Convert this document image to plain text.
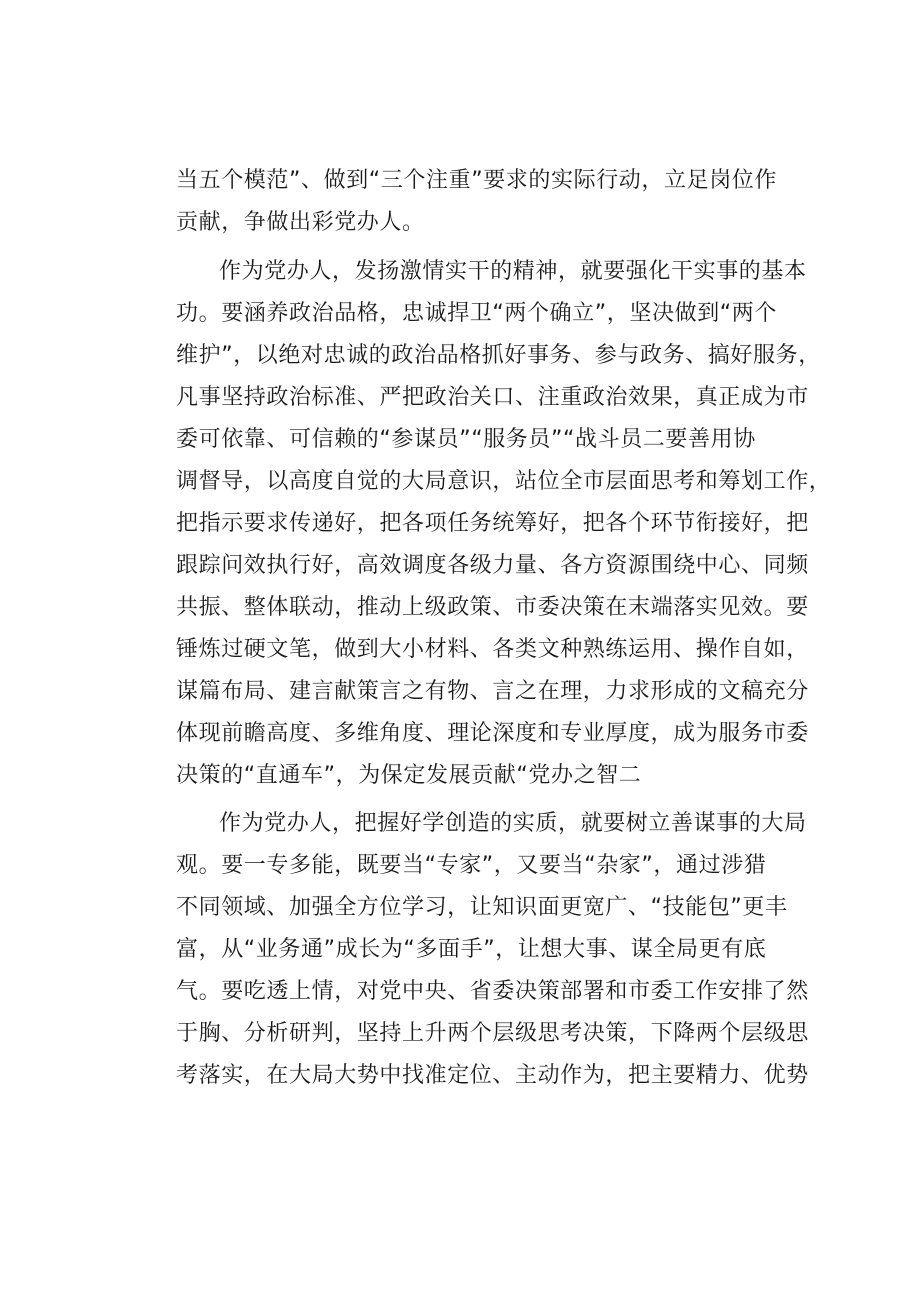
当五个模范”、做到“三个注重”要求的实际行动，立足岗位作
贡献，争做出彩党办人。
作为党办人，发扬激情实干的精神，就要强化干实事的基本
功。要涵养政治品格，忠诚捍卫“两个确立”，坚决做到“两个
维护”，以绝对忠诚的政治品格抓好事务、参与政务、搞好服务，
凡事坚持政治标准、严把政治关口、注重政治效果，真正成为市
委可依靠、可信赖的“参谋员”“服务员”“战斗员二要善用协
调督导，以高度自觉的大局意识，站位全市层面思考和筹划工作，
把指示要求传递好，把各项任务统筹好，把各个环节衔接好，把
跟踪问效执行好，高效调度各级力量、各方资源围绕中心、同频
共振、整体联动，推动上级政策、市委决策在末端落实见效。要
锤炼过硬文笔，做到大小材料、各类文种熟练运用、操作自如，
谋篇布局、建言献策言之有物、言之在理，力求形成的文稿充分
体现前瞻高度、多维角度、理论深度和专业厚度，成为服务市委
决策的“直通车”，为保定发展贡献“党办之智二
作为党办人，把握好学创造的实质，就要树立善谋事的大局
观。要一专多能，既要当“专家”，又要当“杂家”，通过涉猎
不同领域、加强全方位学习，让知识面更宽广、“技能包”更丰
富，从“业务通”成长为“多面手”，让想大事、谋全局更有底
气。要吃透上情，对党中央、省委决策部署和市委工作安排了然
于胸、分析研判，坚持上升两个层级思考决策，下降两个层级思
考落实，在大局大势中找准定位、主动作为，把主要精力、优势
